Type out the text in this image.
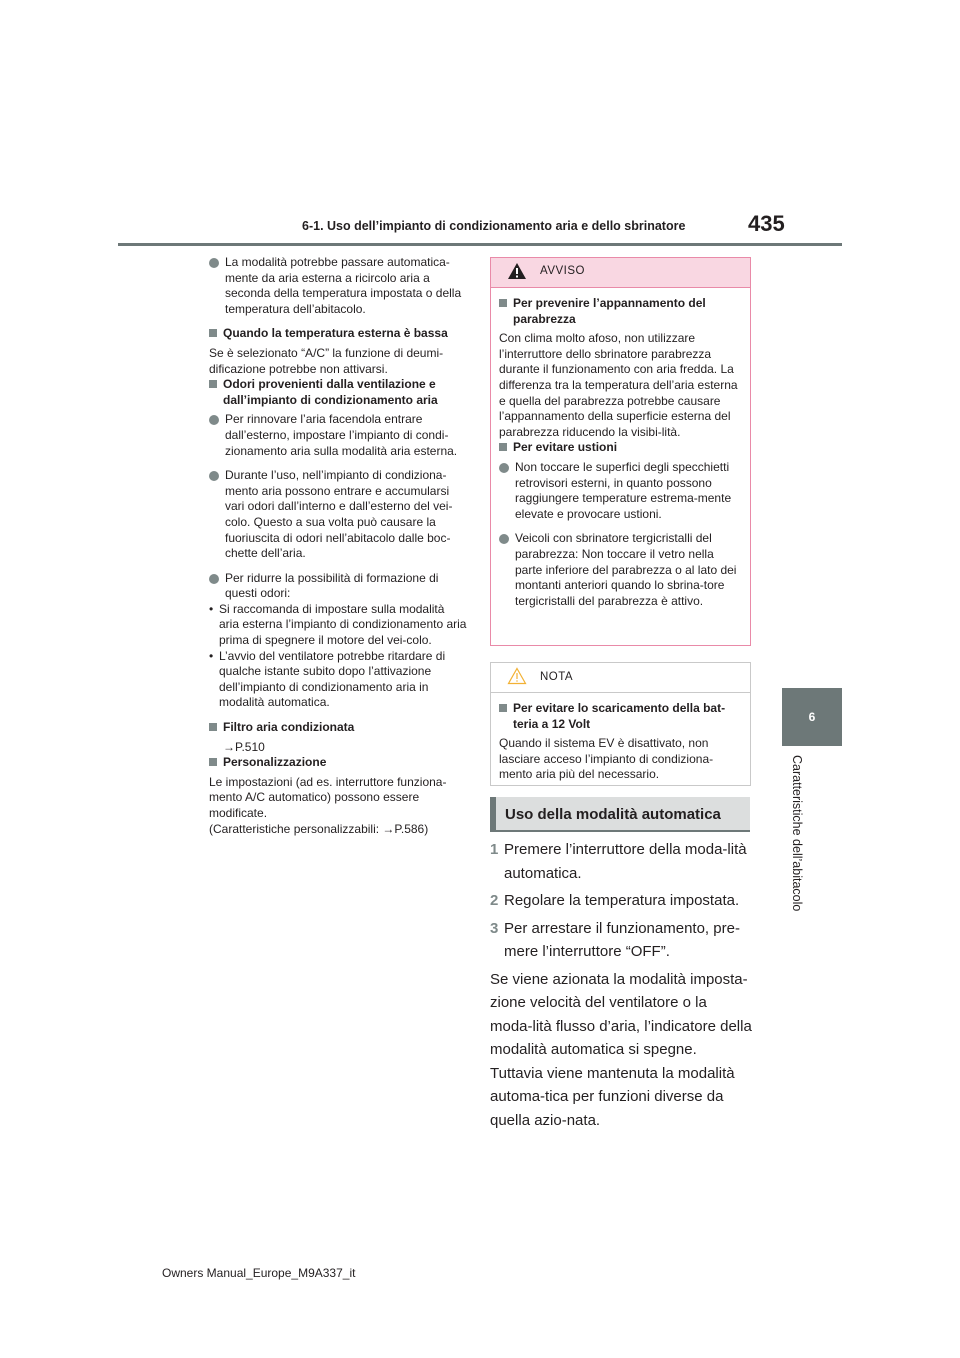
6-1. Uso dell’impianto di condizionamento aria e dello sbrinatore	435
6
Caratteristiche dell’abitacolo

La modalità potrebbe passare automatica-mente da aria esterna a ricircolo aria a seconda della temperatura impostata o della temperatura dell’abitacolo.

Quando la temperatura esterna è bassa

Se è selezionato “A/C” la funzione di deumi-dificazione potrebbe non attivarsi.

Odori provenienti dalla ventilazione e dall’impianto di condizionamento aria

Per rinnovare l’aria facendola entrare dall’esterno, impostare l’impianto di condi-zionamento aria sulla modalità aria esterna.

Durante l’uso, nell’impianto di condiziona-mento aria possono entrare e accumularsi vari odori dall’interno e dall’esterno del vei-colo. Questo a sua volta può causare la fuoriuscita di odori nell’abitacolo dalle boc-chette dell’aria.

Per ridurre la possibilità di formazione di questi odori:

• Si raccomanda di impostare sulla modalità aria esterna l’impianto di condizionamento aria prima di spegnere il motore del vei-colo.
• L’avvio del ventilatore potrebbe ritardare di qualche istante subito dopo l’attivazione dell’impianto di condizionamento aria in modalità automatica.
Filtro aria condizionata

→P.510

Personalizzazione

Le impostazioni (ad es. interruttore funziona-mento A/C automatico) possono essere modificate.

(Caratteristiche personalizzabili: →P.586)

AVVISO
Per prevenire l’appannamento del parabrezza

Con clima molto afoso, non utilizzare l’interruttore dello sbrinatore parabrezza durante il funzionamento con aria fredda. La differenza tra la temperatura dell’aria esterna e quella del parabrezza potrebbe causare l’appannamento della superficie esterna del parabrezza riducendo la visibi-lità.

Per evitare ustioni

Non toccare le superfici degli specchietti retrovisori esterni, in quanto possono raggiungere temperature estrema-mente elevate e provocare ustioni.

Veicoli con sbrinatore tergicristalli del parabrezza: Non toccare il vetro nella parte inferiore del parabrezza o al lato dei montanti anteriori quando lo sbrina-tore tergicristalli del parabrezza è attivo.

NOTA
Per evitare lo scaricamento della bat-teria a 12 Volt

Quando il sistema EV è disattivato, non lasciare acceso l’impianto di condiziona-mento aria più del necessario.

Uso della modalità automatica
1 Premere l’interruttore della moda-lità automatica.
2 Regolare la temperatura impostata.
3 Per arrestare il funzionamento, pre-mere l’interruttore “OFF”.

Se viene azionata la modalità imposta-zione velocità del ventilatore o la moda-lità flusso d’aria, l’indicatore della modalità automatica si spegne. Tuttavia viene mantenuta la modalità automa-tica per funzioni diverse da quella azio-nata.

Owners Manual_Europe_M9A337_it
